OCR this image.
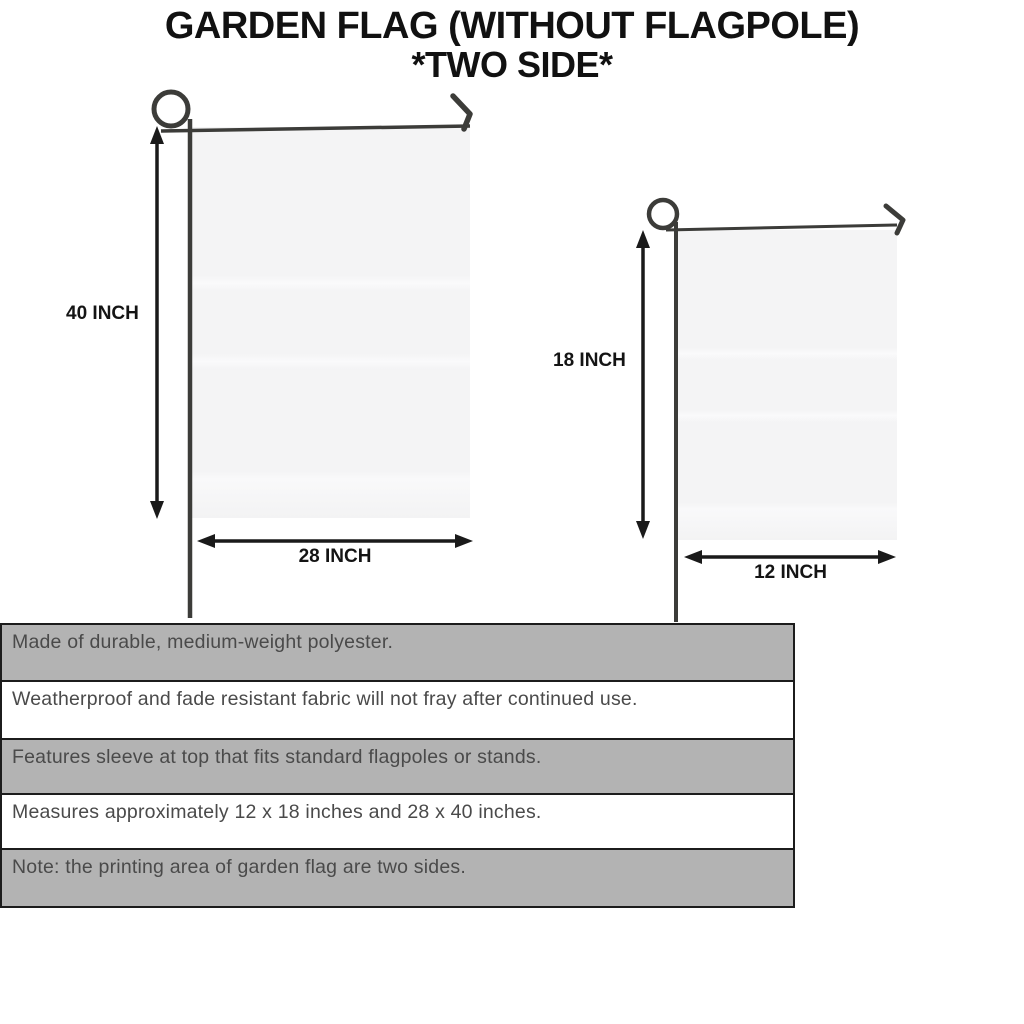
GARDEN FLAG (WITHOUT FLAGPOLE)
*TWO SIDE*
40 INCH
28 INCH
18 INCH
12 INCH
Made of durable, medium-weight polyester.
Weatherproof and fade resistant fabric will not fray after continued use.
Features sleeve at top that fits standard flagpoles or stands.
Measures approximately 12 x 18 inches and 28 x 40 inches.
Note: the printing area of garden flag are two sides.
